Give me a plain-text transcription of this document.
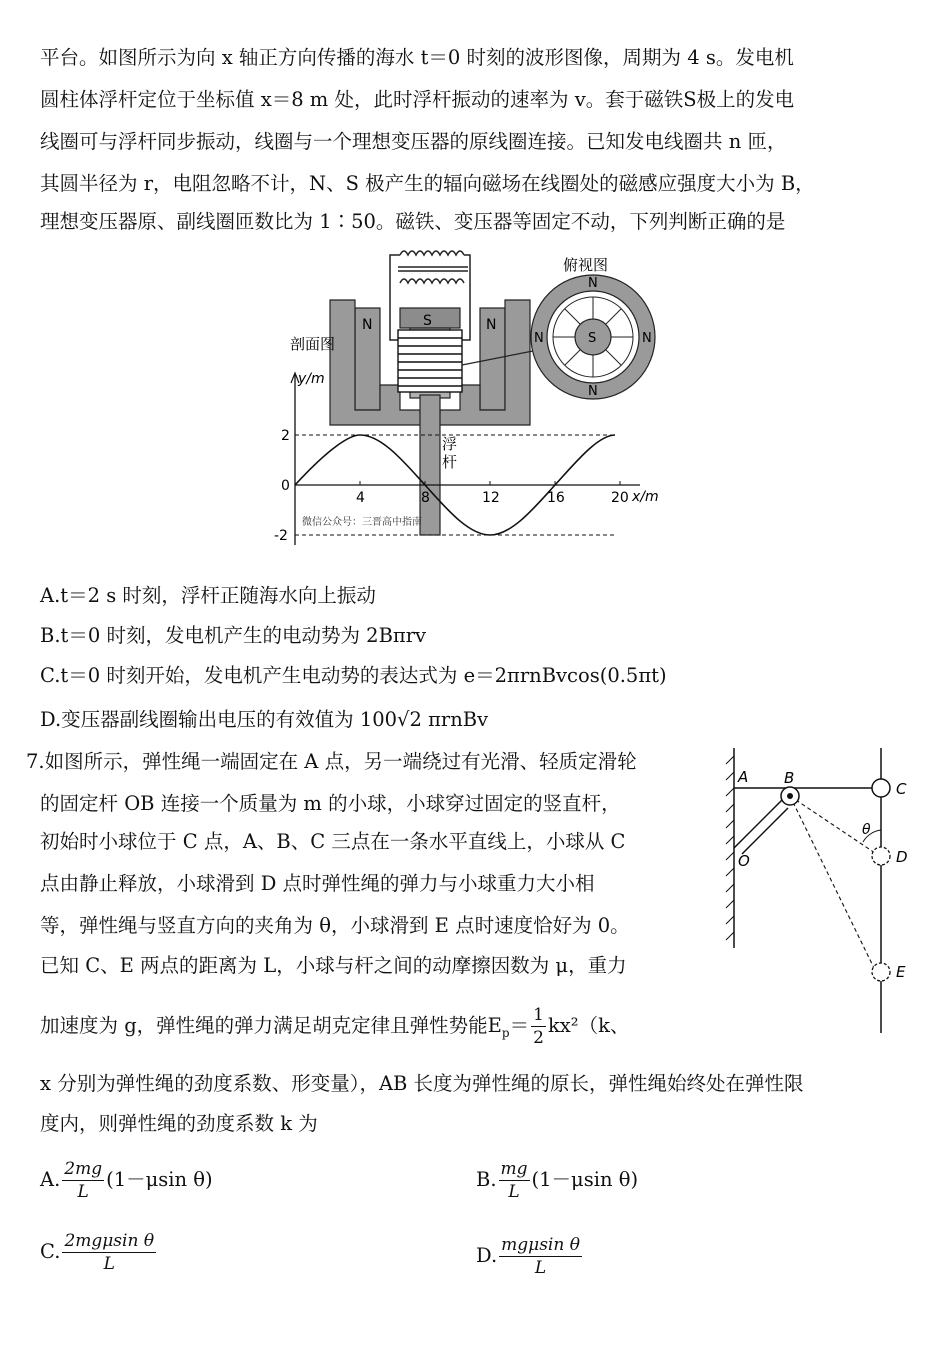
平台。如图所示为向 x 轴正方向传播的海水 t＝0 时刻的波形图像，周期为 4 s。发电机
圆柱体浮杆定位于坐标值 x＝8 m 处，此时浮杆振动的速率为 v。套于磁铁S极上的发电
线圈可与浮杆同步振动，线圈与一个理想变压器的原线圈连接。已知发电线圈共 n 匝，
其圆半径为 r，电阻忽略不计，N、S 极产生的辐向磁场在线圈处的磁感应强度大小为 B，
理想变压器原、副线圈匝数比为 1∶50。磁铁、变压器等固定不动，下列判断正确的是
N	N
S
浮
杆
俯视图
N
N
N	N
S
剖面图
y/m
x/m
2
0
-2
4	8	12	16	20
微信公众号：三晋高中指南
A.t＝2 s 时刻，浮杆正随海水向上振动
B.t＝0 时刻，发电机产生的电动势为 2Bπrv
C.t＝0 时刻开始，发电机产生电动势的表达式为 e＝2πrnBvcos(0.5πt)
D.变压器副线圈输出电压的有效值为 100√2 πrnBv
7.如图所示，弹性绳一端固定在 A 点，另一端绕过有光滑、轻质定滑轮
的固定杆 OB 连接一个质量为 m 的小球，小球穿过固定的竖直杆，
初始时小球位于 C 点，A、B、C 三点在一条水平直线上，小球从 C
点由静止释放，小球滑到 D 点时弹性绳的弹力与小球重力大小相
等，弹性绳与竖直方向的夹角为 θ，小球滑到 E 点时速度恰好为 0。
已知 C、E 两点的距离为 L，小球与杆之间的动摩擦因数为 μ，重力
加速度为 g，弹性绳的弹力满足胡克定律且弹性势能$E_p= \frac{1}{2} kx^2(k$、
x 分别为弹性绳的劲度系数、形变量），AB 长度为弹性绳的原长，弹性绳始终处在弹性限
度内，则弹性绳的劲度系数 k 为
A B
C
D
E
O
θ
A. $\frac{2mg}{L} (1-\mu\sin$ θ)	B. $\frac{mg}{L} (1-\mu\sin$ θ)
C. $\frac{\text{2mgμsin θ}}{L}$	D. $\frac{\text{mgμsin θ}}{L}$
